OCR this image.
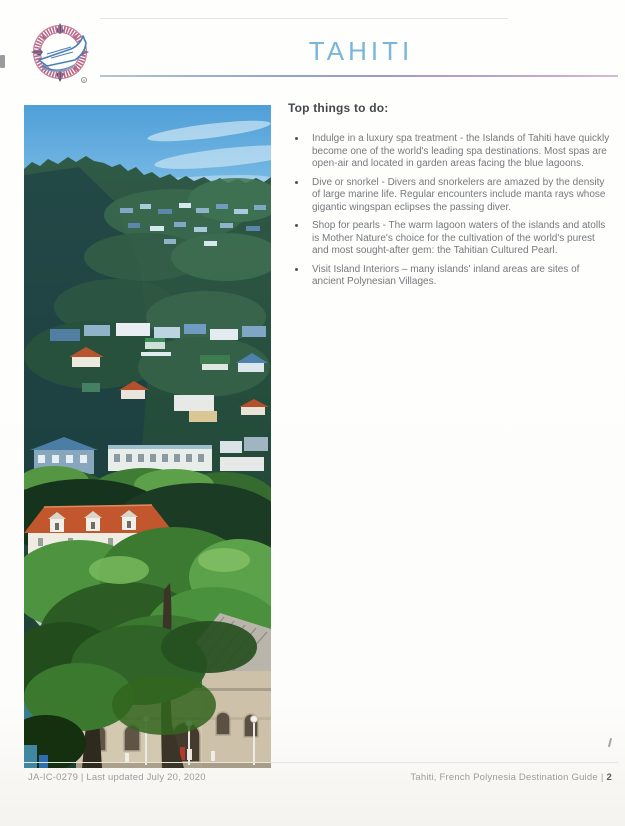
R
TAHITI
Top things to do:
• Indulge in a luxury spa treatment - the Islands of Tahiti have quickly become one of the world's leading spa destinations. Most spas are open-air and located in garden areas facing the blue lagoons.
• Dive or snorkel - Divers and snorkelers are amazed by the density of large marine life. Regular encounters include manta rays whose gigantic wingspan eclipses the passing diver.
• Shop for pearls - The warm lagoon waters of the islands and atolls is Mother Nature's choice for the cultivation of the world's purest and most sought-after gem: the Tahitian Cultured Pearl.
• Visit Island Interiors – many islands' inland areas are sites of ancient Polynesian Villages.
JA-IC-0279 | Last updated July 20, 2020	Tahiti, French Polynesia Destination Guide | 2
